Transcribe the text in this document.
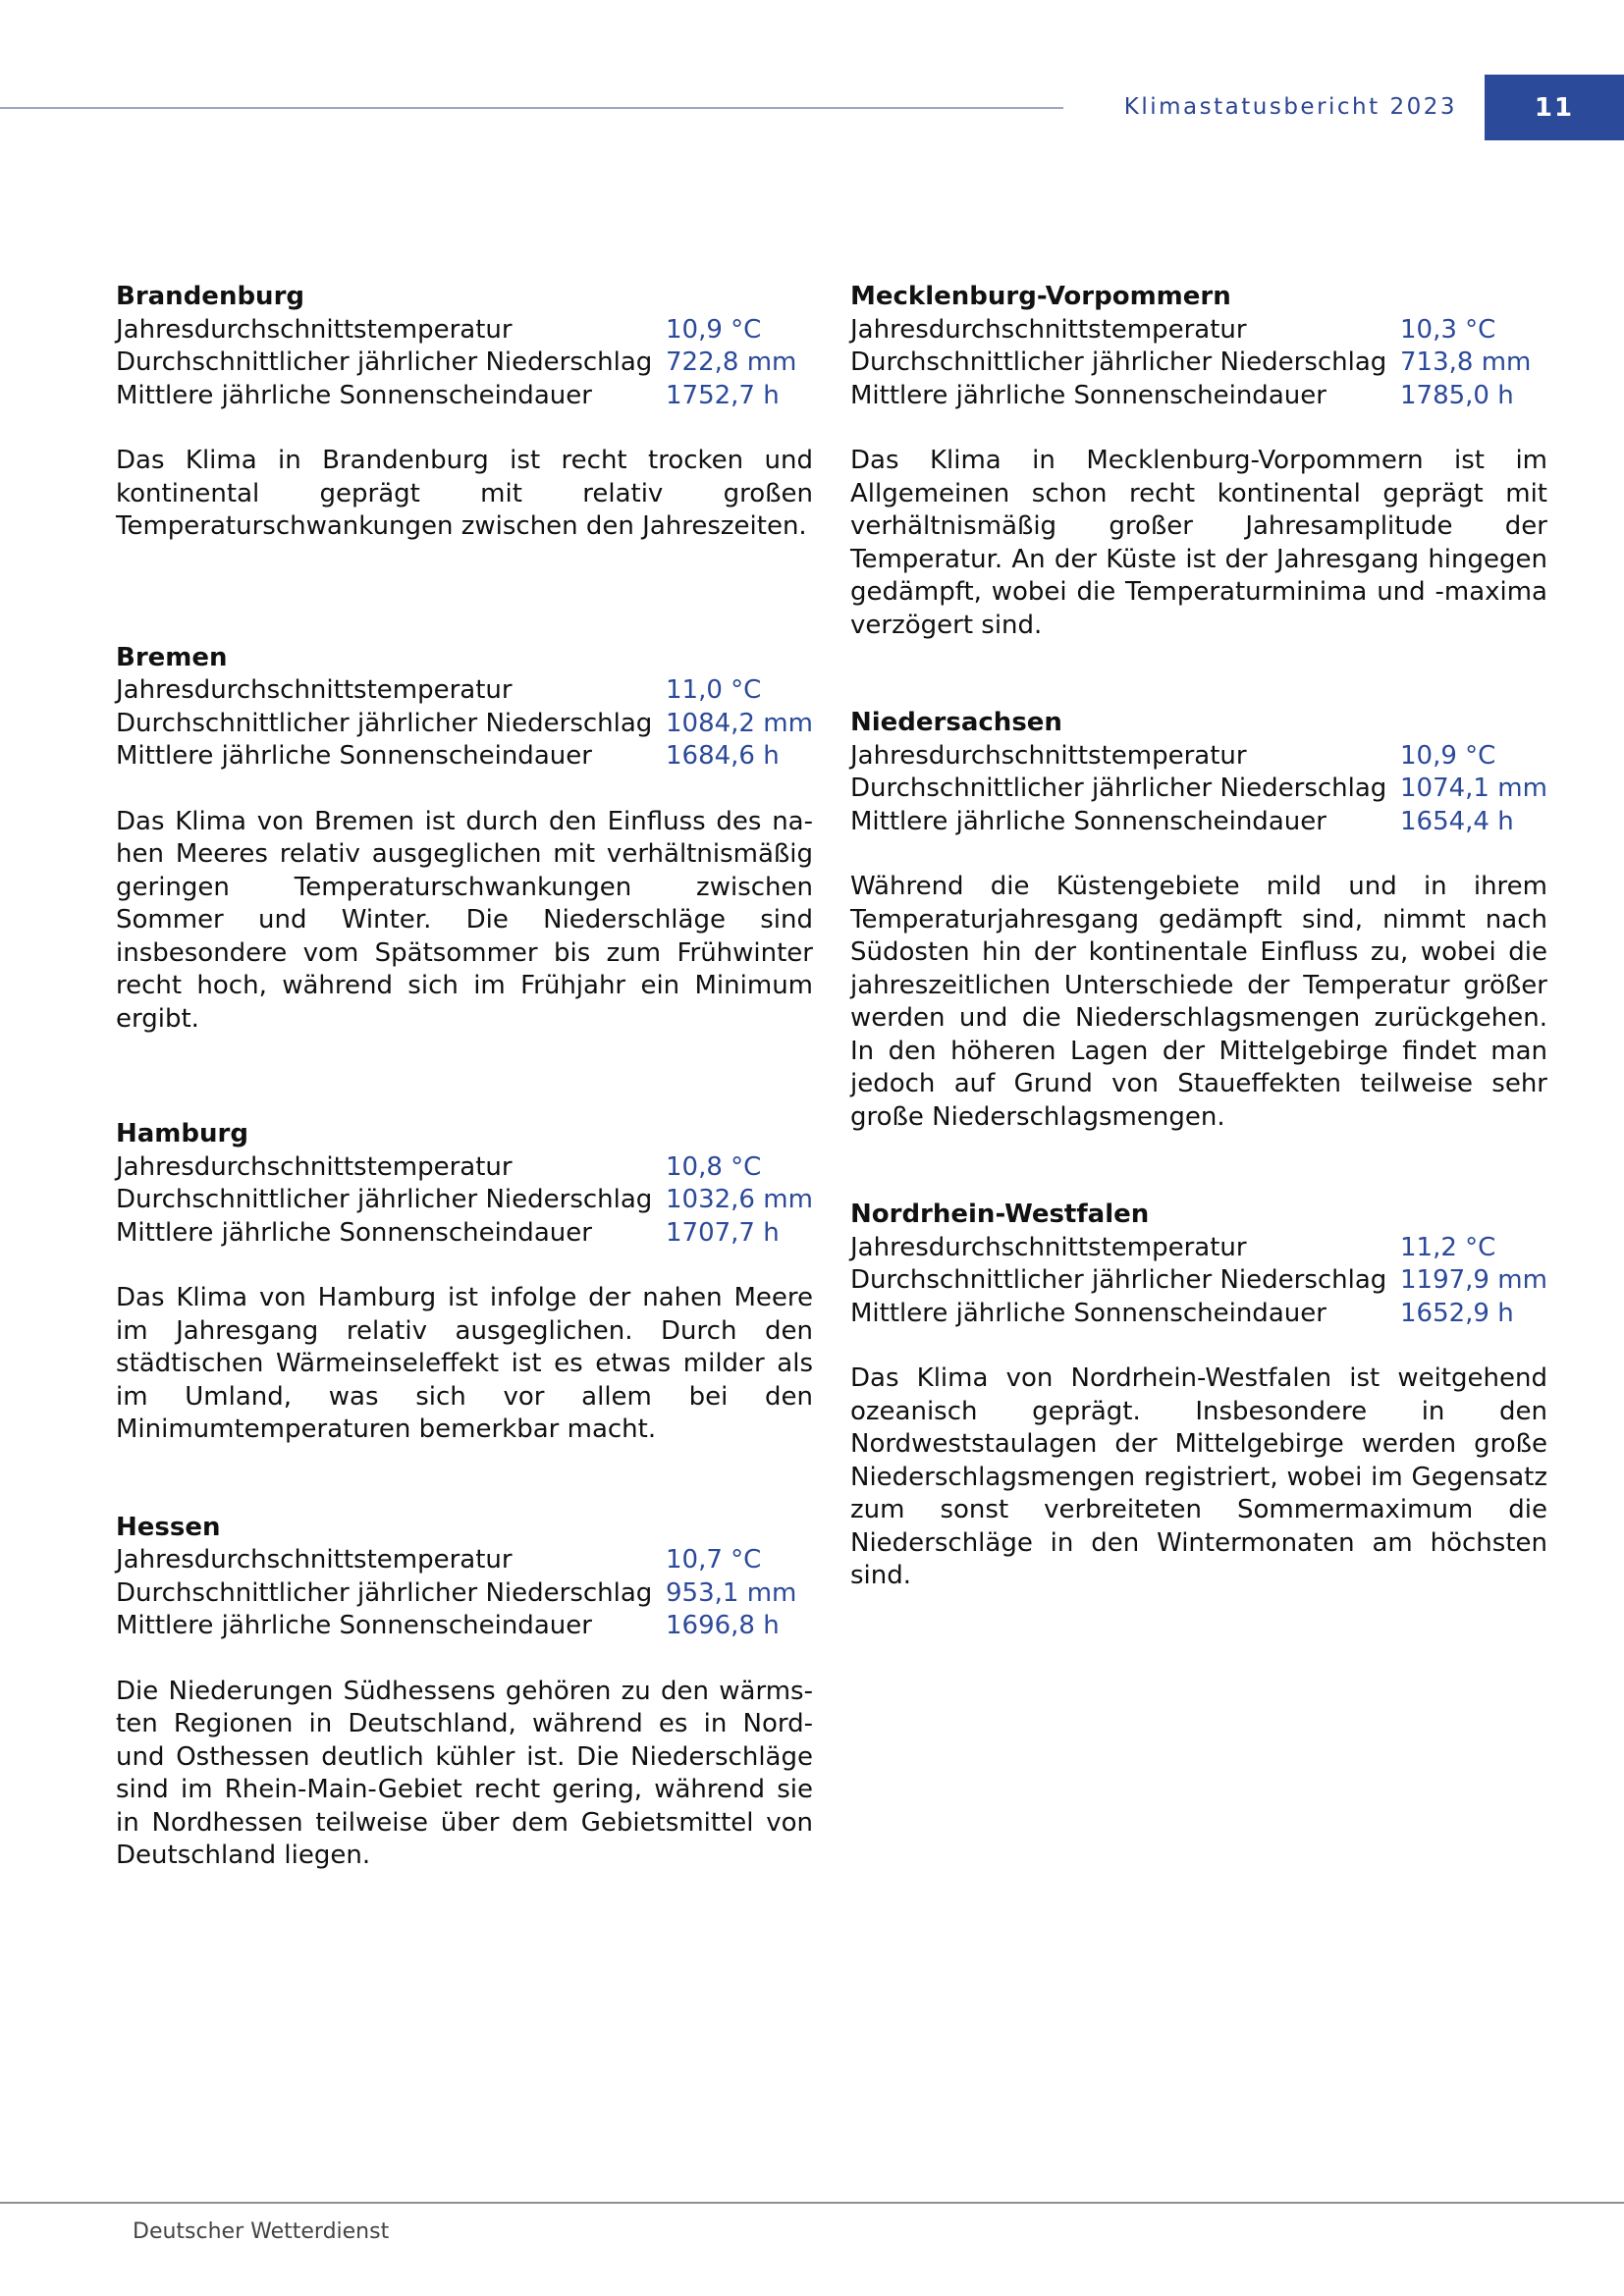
Klimastatusbericht 2023	11
Brandenburg
Jahresdurchschnittstemperatur	10,9 °C
Durchschnittlicher jährlicher Niederschlag 722,8 mm
Mittlere jährliche Sonnenscheindauer	1752,7 h
Das Klima in Brandenburg ist recht trocken und kontinental geprägt mit relativ großen Temperaturschwankungen zwischen den Jahreszeiten.
Bremen
Jahresdurchschnittstemperatur	11,0 °C
Durchschnittlicher jährlicher Niederschlag 1084,2 mm
Mittlere jährliche Sonnenscheindauer	1684,6 h
Das Klima von Bremen ist durch den Einfluss des nahen Meeres relativ ausgeglichen mit verhältnismäßig geringen Temperaturschwankungen zwischen Sommer und Winter. Die Niederschläge sind insbesondere vom Spätsommer bis zum Frühwinter recht hoch, während sich im Frühjahr ein Minimum ergibt.
Hamburg
Jahresdurchschnittstemperatur	10,8 °C
Durchschnittlicher jährlicher Niederschlag 1032,6 mm
Mittlere jährliche Sonnenscheindauer	1707,7 h
Das Klima von Hamburg ist infolge der nahen Meere im Jahresgang relativ ausgeglichen. Durch den städtischen Wärmeinseleffekt ist es etwas milder als im Umland, was sich vor allem bei den Minimumtemperaturen bemerkbar macht.
Hessen
Jahresdurchschnittstemperatur	10,7 °C
Durchschnittlicher jährlicher Niederschlag 953,1 mm
Mittlere jährliche Sonnenscheindauer	1696,8 h
Die Niederungen Südhessens gehören zu den wärmsten Regionen in Deutschland, während es in Nord- und Osthessen deutlich kühler ist. Die Niederschläge sind im Rhein-Main-Gebiet recht gering, während sie in Nordhessen teilweise über dem Gebietsmittel von Deutschland liegen.
Mecklenburg-Vorpommern
Jahresdurchschnittstemperatur	10,3 °C
Durchschnittlicher jährlicher Niederschlag 713,8 mm
Mittlere jährliche Sonnenscheindauer	1785,0 h
Das Klima in Mecklenburg-Vorpommern ist im Allgemeinen schon recht kontinental geprägt mit verhältnismäßig großer Jahresamplitude der Temperatur. An der Küste ist der Jahresgang hingegen gedämpft, wobei die Temperaturminima und -maxima verzögert sind.
Niedersachsen
Jahresdurchschnittstemperatur	10,9 °C
Durchschnittlicher jährlicher Niederschlag 1074,1 mm
Mittlere jährliche Sonnenscheindauer	1654,4 h
Während die Küstengebiete mild und in ihrem Temperaturjahresgang gedämpft sind, nimmt nach Südosten hin der kontinentale Einfluss zu, wobei die jahreszeitlichen Unterschiede der Temperatur größer werden und die Niederschlagsmengen zurückgehen. In den höheren Lagen der Mittelgebirge findet man jedoch auf Grund von Staueffekten teilweise sehr große Niederschlagsmengen.
Nordrhein-Westfalen
Jahresdurchschnittstemperatur	11,2 °C
Durchschnittlicher jährlicher Niederschlag 1197,9 mm
Mittlere jährliche Sonnenscheindauer	1652,9 h
Das Klima von Nordrhein-Westfalen ist weitgehend ozeanisch geprägt. Insbesondere in den Nordweststaulagen der Mittelgebirge werden große Niederschlagsmengen registriert, wobei im Gegensatz zum sonst verbreiteten Sommermaximum die Niederschläge in den Wintermonaten am höchsten sind.
Deutscher Wetterdienst
